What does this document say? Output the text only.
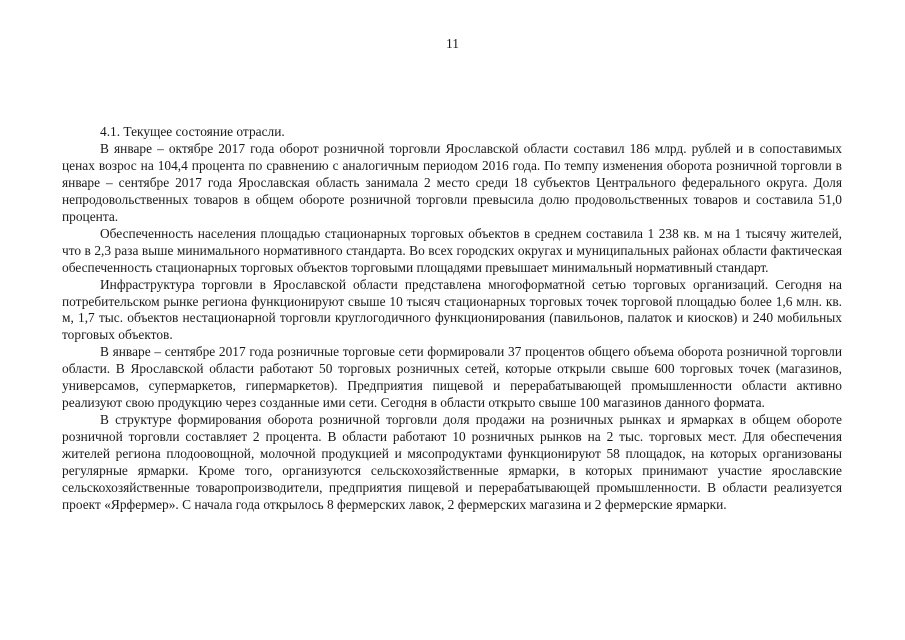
11

4.1. Текущее состояние отрасли.

В январе – октябре 2017 года оборот розничной торговли Ярославской области составил 186 млрд. рублей и в сопоставимых ценах возрос на 104,4 процента по сравнению с аналогичным периодом 2016 года. По темпу изменения оборота розничной торговли в январе – сентябре 2017 года Ярославская область занимала 2 место среди 18 субъектов Центрального федерального округа. Доля непродовольственных товаров в общем обороте розничной торговли превысила долю продовольственных товаров и составила 51,0 процента.

Обеспеченность населения площадью стационарных торговых объектов в среднем составила 1 238 кв. м на 1 тысячу жителей, что в 2,3 раза выше минимального нормативного стандарта. Во всех городских округах и муниципальных районах области фактическая обеспеченность стационарных торговых объектов торговыми площадями превышает минимальный нормативный стандарт.

Инфраструктура торговли в Ярославской области представлена многоформатной сетью торговых организаций. Сегодня на потребительском рынке региона функционируют свыше 10 тысяч стационарных торговых точек торговой площадью более 1,6 млн. кв. м, 1,7 тыс. объектов нестационарной торговли круглогодичного функционирования (павильонов, палаток и киосков) и 240 мобильных торговых объектов.

В январе – сентябре 2017 года розничные торговые сети формировали 37 процентов общего объема оборота розничной торговли области. В Ярославской области работают 50 торговых розничных сетей, которые открыли свыше 600 торговых точек (магазинов, универсамов, супермаркетов, гипермаркетов). Предприятия пищевой и перерабатывающей промышленности области активно реализуют свою продукцию через созданные ими сети. Сегодня в области открыто свыше 100 магазинов данного формата.

В структуре формирования оборота розничной торговли доля продажи на розничных рынках и ярмарках в общем обороте розничной торговли составляет 2 процента. В области работают 10 розничных рынков на 2 тыс. торговых мест. Для обеспечения жителей региона плодоовощной, молочной продукцией и мясопродуктами функционируют 58 площадок, на которых организованы регулярные ярмарки. Кроме того, организуются сельскохозяйственные ярмарки, в которых принимают участие ярославские сельскохозяйственные товаропроизводители, предприятия пищевой и перерабатывающей промышленности. В области реализуется проект «Ярфермер». С начала года открылось 8 фермерских лавок, 2 фермерских магазина и 2 фермерские ярмарки.
